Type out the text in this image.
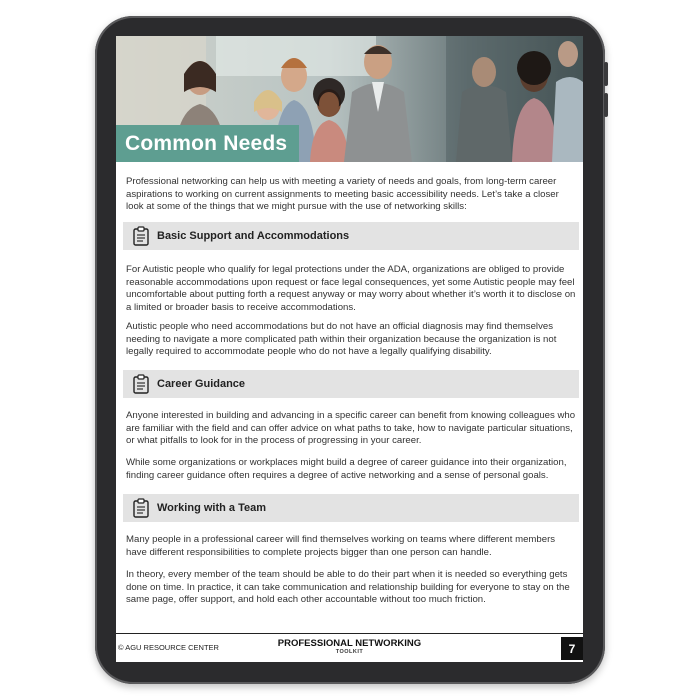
Common Needs
Professional networking can help us with meeting a variety of needs and goals, from long-term career aspirations to working on current assignments to meeting basic accessibility needs. Let’s take a closer look at some of the things that we might pursue with the use of networking skills:
Basic Support and Accommodations
For Autistic people who qualify for legal protections under the ADA, organizations are obliged to provide reasonable accommodations upon request or face legal consequences, yet some Autistic people may feel uncomfortable about putting forth a request anyway or may worry about whether it’s worth it to disclose on a limited or broader basis to receive accommodations.
Autistic people who need accommodations but do not have an official diagnosis may find themselves needing to navigate a more complicated path within their organization because the organization is not legally required to accommodate people who do not have a legally qualifying disability.
Career Guidance
Anyone interested in building and advancing in a specific career can benefit from knowing colleagues who are familiar with the field and can offer advice on what paths to take, how to navigate particular situations, or what pitfalls to look for in the process of progressing in your career.
While some organizations or workplaces might build a degree of career guidance into their organization, finding career guidance often requires a degree of active networking and a sense of personal goals.
Working with a Team
Many people in a professional career will find themselves working on teams where different members have different responsibilities to complete projects bigger than one person can handle.
In theory, every member of the team should be able to do their part when it is needed so everything gets done on time. In practice, it can take communication and relationship building for everyone to stay on the same page, offer support, and hold each other accountable without too much friction.
© AGU RESOURCE CENTER	PROFESSIONAL NETWORKING
TOOLKIT	7
